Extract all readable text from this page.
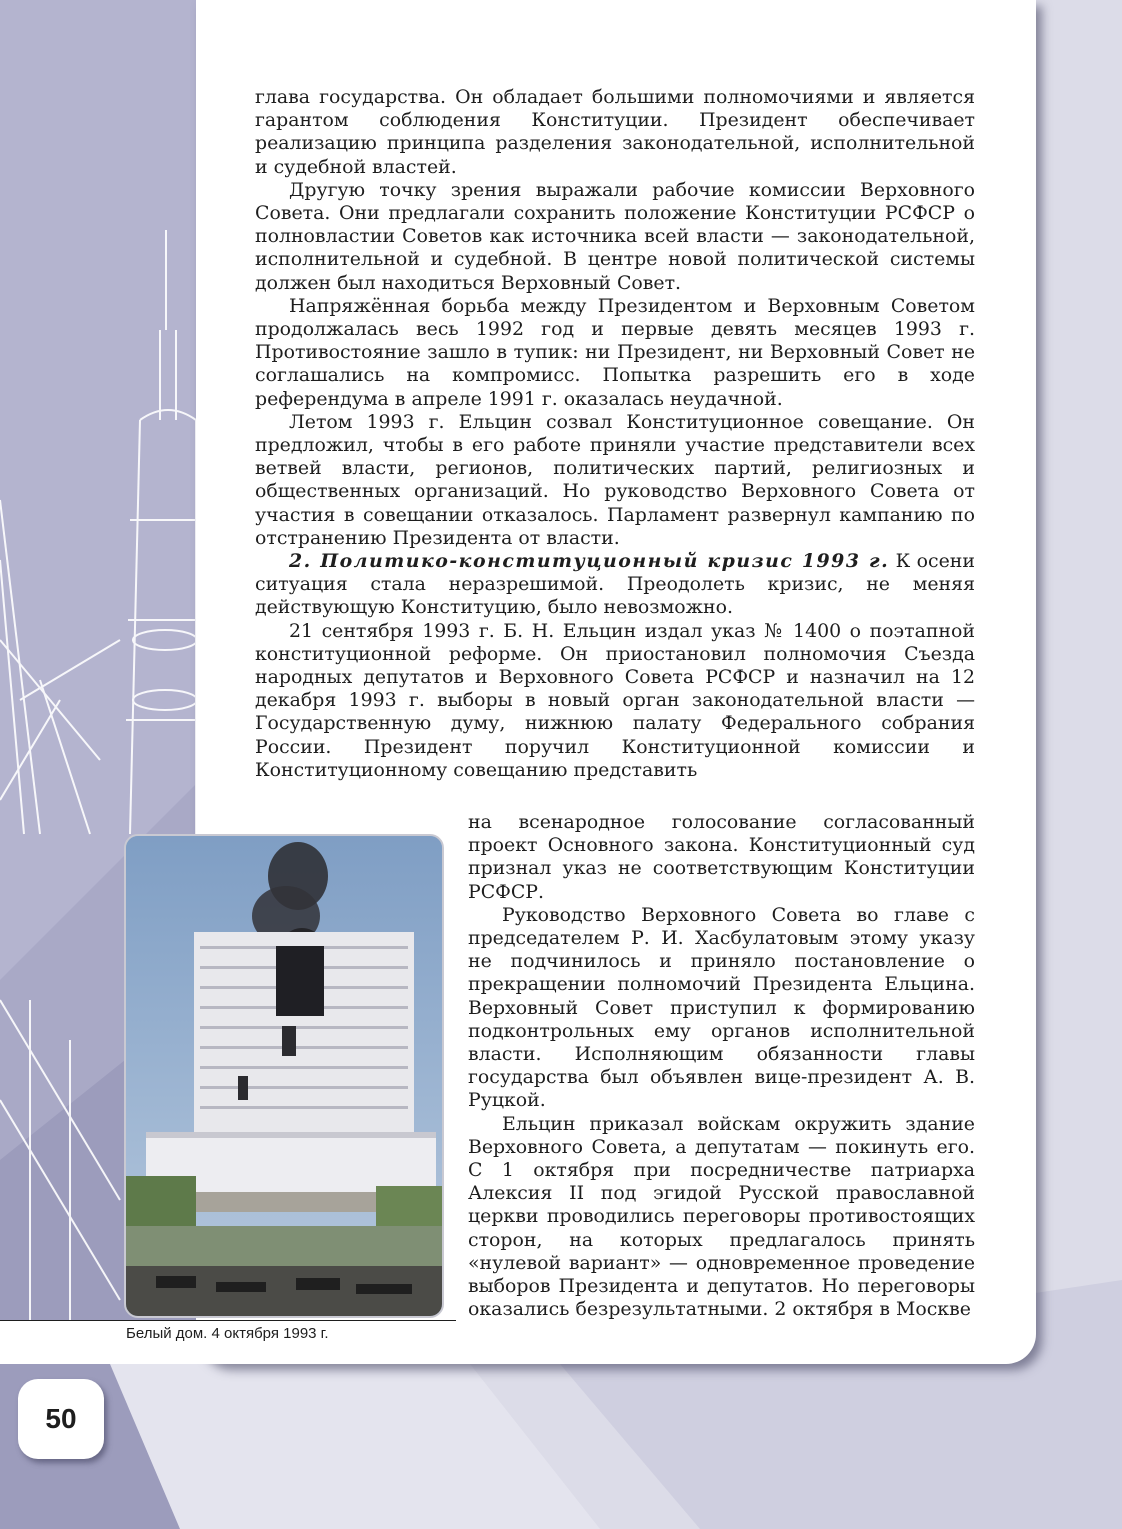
глава государства. Он обладает большими полномочиями и является гарантом соблюдения Конституции. Президент обеспечивает реализацию принципа разделения законодательной, исполнительной и судебной властей.

Другую точку зрения выражали рабочие комиссии Верховного Совета. Они предлагали сохранить положение Конституции РСФСР о полновластии Советов как источника всей власти — законодательной, исполнительной и судебной. В центре новой политической системы должен был находиться Верховный Совет.

Напряжённая борьба между Президентом и Верховным Советом продолжалась весь 1992 год и первые девять месяцев 1993 г. Противостояние зашло в тупик: ни Президент, ни Верховный Совет не соглашались на компромисс. Попытка разрешить его в ходе референдума в апреле 1991 г. оказалась неудачной.

Летом 1993 г. Ельцин созвал Конституционное совещание. Он предложил, чтобы в его работе приняли участие представители всех ветвей власти, регионов, политических партий, религиозных и общественных организаций. Но руководство Верховного Совета от участия в совещании отказалось. Парламент развернул кампанию по отстранению Президента от власти.

2. Политико-конституционный кризис 1993 г. К осени ситуация стала неразрешимой. Преодолеть кризис, не меняя действующую Конституцию, было невозможно.

21 сентября 1993 г. Б. Н. Ельцин издал указ № 1400 о поэтапной конституционной реформе. Он приостановил полномочия Съезда народных депутатов и Верховного Совета РСФСР и назначил на 12 декабря 1993 г. выборы в новый орган законодательной власти — Государственную думу, нижнюю палату Федерального собрания России. Президент поручил Конституционной комиссии и Конституционному совещанию представить

на всенародное голосование согласованный проект Основного закона. Конституционный суд признал указ не соответствующим Конституции РСФСР.

Руководство Верховного Совета во главе с председателем Р. И. Хасбулатовым этому указу не подчинилось и приняло постановление о прекращении полномочий Президента Ельцина. Верховный Совет приступил к формированию подконтрольных ему органов исполнительной власти. Исполняющим обязанности главы государства был объявлен вице-президент А. В. Руцкой.

Ельцин приказал войскам окружить здание Верховного Совета, а депутатам — покинуть его. С 1 октября при посредничестве патриарха Алексия II под эгидой Русской православной церкви проводились переговоры противостоящих сторон, на которых предлагалось принять «нулевой вариант» — одновременное проведение выборов Президента и депутатов. Но переговоры оказались безрезультатными. 2 октября в Москве

Белый дом. 4 октября 1993 г.
50
